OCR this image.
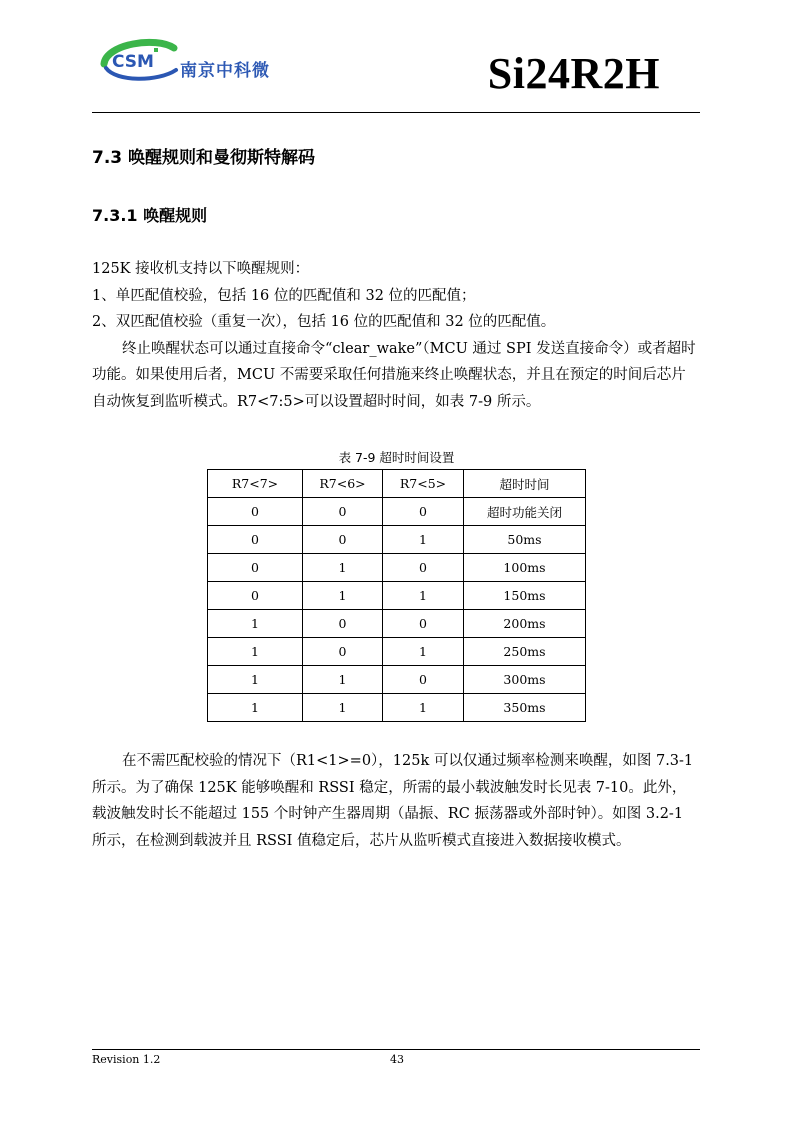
CSM 南京中科微	Si24R2H
7.3 唤醒规则和曼彻斯特解码
7.3.1 唤醒规则

125K 接收机支持以下唤醒规则：

1、单匹配值校验，包括 16 位的匹配值和 32 位的匹配值；

2、双匹配值校验（重复一次），包括 16 位的匹配值和 32 位的匹配值。

终止唤醒状态可以通过直接命令“clear_wake”（MCU 通过 SPI 发送直接命令）或者超时功能。如果使用后者，MCU 不需要采取任何措施来终止唤醒状态，并且在预定的时间后芯片自动恢复到监听模式。R7<7:5>可以设置超时时间，如表 7-9 所示。

表 7-9 超时时间设置
R7<7>	R7<6>	R7<5>	超时时间
0	0	0	超时功能关闭
0	0	1	50ms
0	1	0	100ms
0	1	1	150ms
1	0	0	200ms
1	0	1	250ms
1	1	0	300ms
1	1	1	350ms

在不需匹配校验的情况下（R1<1>=0），125k 可以仅通过频率检测来唤醒，如图 7.3-1 所示。为了确保 125K 能够唤醒和 RSSI 稳定，所需的最小载波触发时长见表 7-10。此外，载波触发时长不能超过 155 个时钟产生器周期（晶振、RC 振荡器或外部时钟）。如图 3.2-1 所示，在检测到载波并且 RSSI 值稳定后，芯片从监听模式直接进入数据接收模式。

Revision 1.2	43
